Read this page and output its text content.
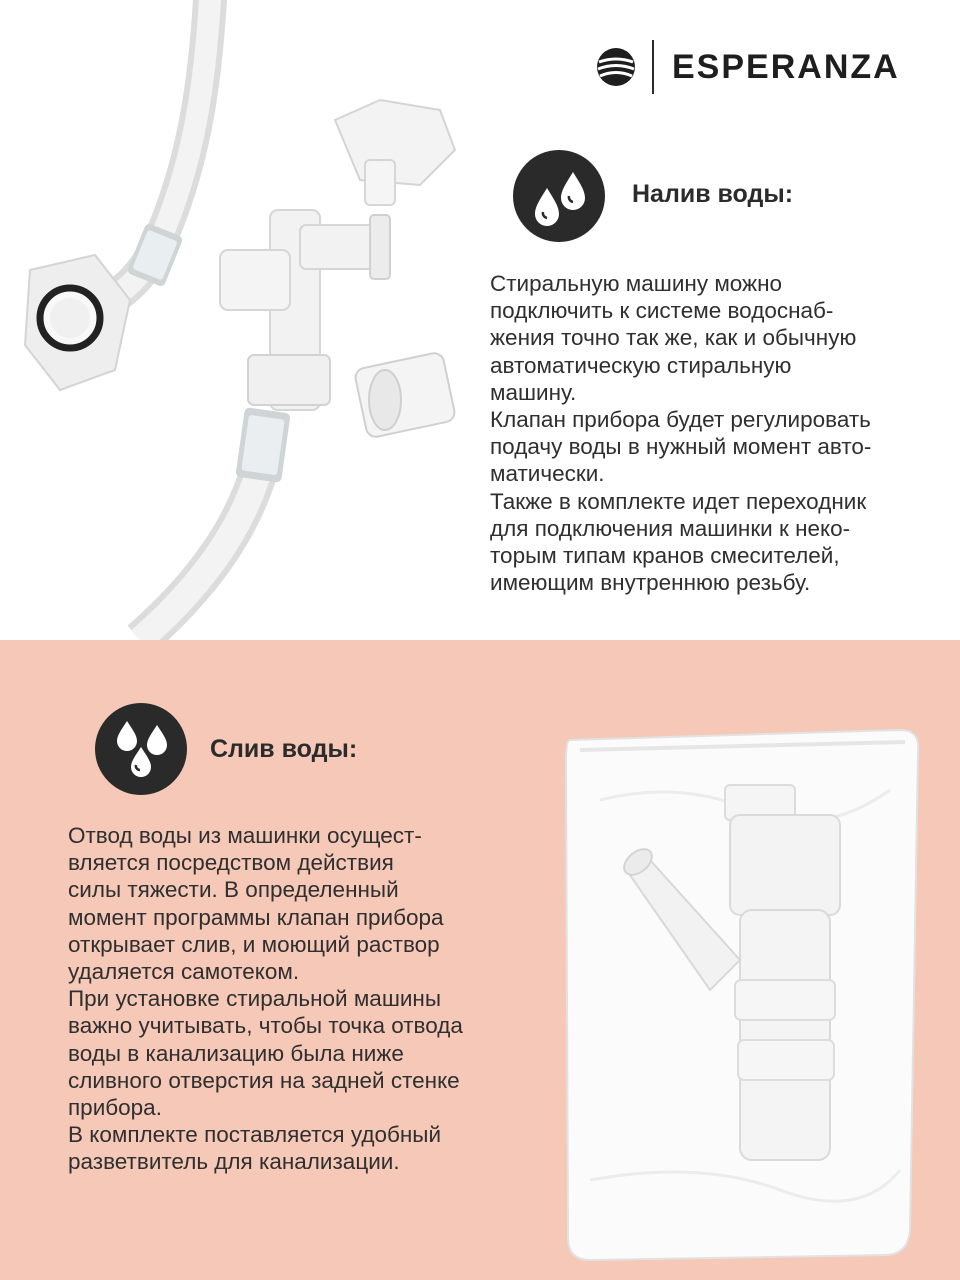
ESPERANZA
Налив воды:

Стиральную машину можно

подключить к системе водоснаб-

жения точно так же, как и обычную

автоматическую стиральную

машину.

Клапан прибора будет регулировать

подачу воды в нужный момент авто-

матически.

Также в комплекте идет переходник

для подключения машинки к неко-

торым типам кранов смесителей,

имеющим внутреннюю резьбу.

Слив воды:

Отвод воды из машинки осущест-

вляется посредством действия

силы тяжести. В определенный

момент программы клапан прибора

открывает слив, и моющий раствор

удаляется самотеком.

При установке стиральной машины

важно учитывать, чтобы точка отвода

воды в канализацию была ниже

сливного отверстия на задней стенке

прибора.

В комплекте поставляется удобный

разветвитель для канализации.
